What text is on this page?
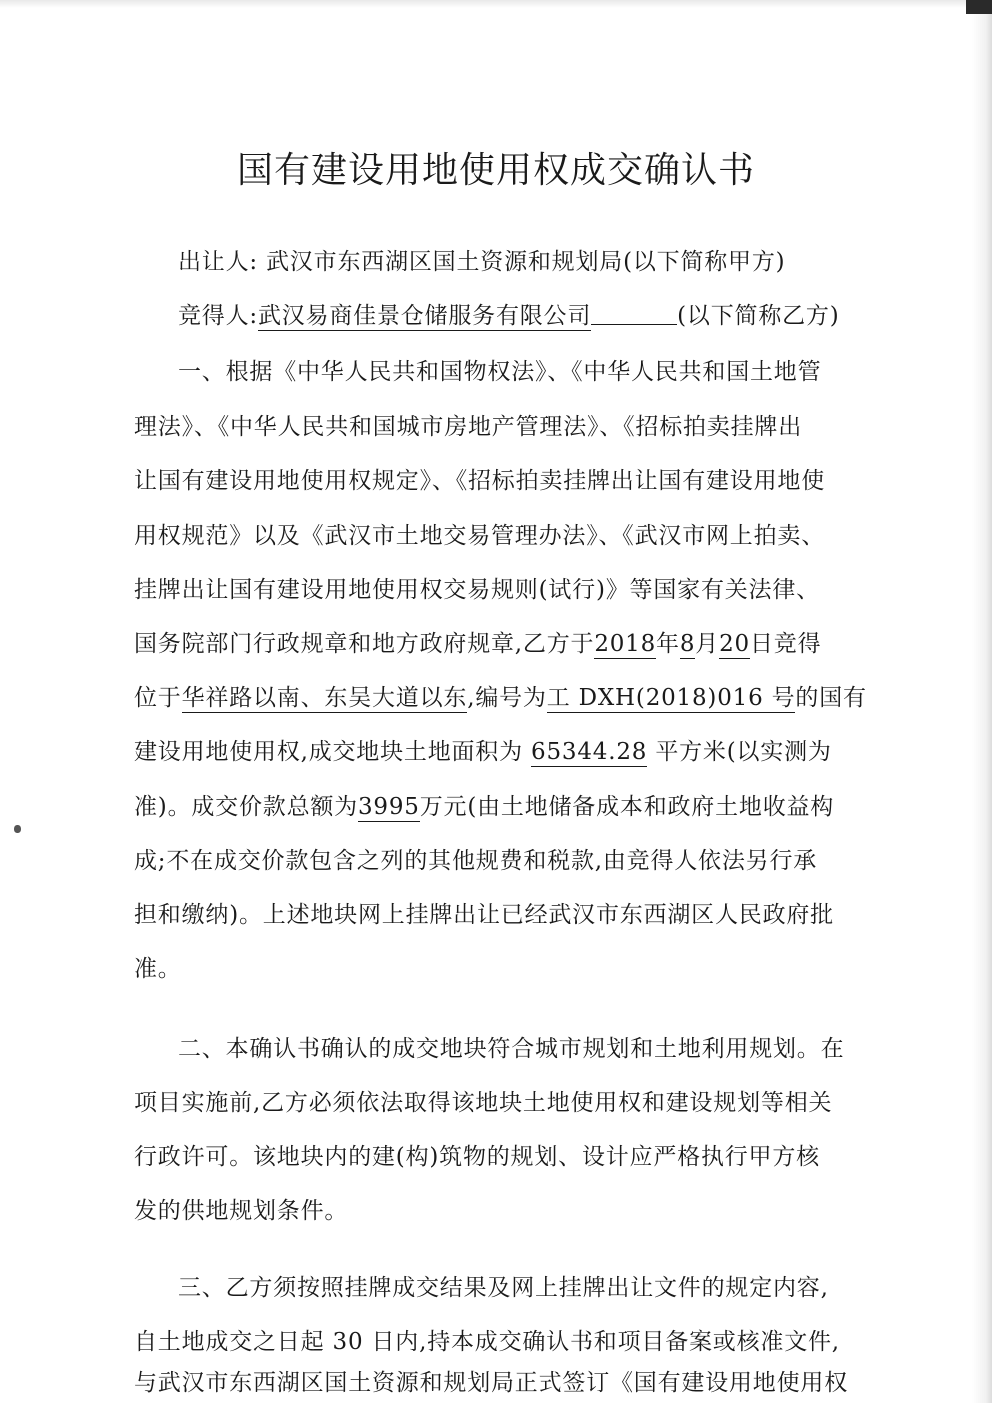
国有建设用地使用权成交确认书
出让人: 武汉市东西湖区国土资源和规划局(以下简称甲方)
竞得人:武汉易商佳景仓储服务有限公司	(以下简称乙方)
一、根据《中华人民共和国物权法》、《中华人民共和国土地管
理法》、《中华人民共和国城市房地产管理法》、《招标拍卖挂牌出
让国有建设用地使用权规定》、《招标拍卖挂牌出让国有建设用地使
用权规范》以及《武汉市土地交易管理办法》、《武汉市网上拍卖、
挂牌出让国有建设用地使用权交易规则(试行)》等国家有关法律、
国务院部门行政规章和地方政府规章,乙方于2018年8月20日竞得
位于华祥路以南、东吴大道以东,编号为工 DXH(2018)016 号的国有
建设用地使用权,成交地块土地面积为 65344.28 平方米(以实测为
准)。成交价款总额为3995万元(由土地储备成本和政府土地收益构
成;不在成交价款包含之列的其他规费和税款,由竞得人依法另行承
担和缴纳)。上述地块网上挂牌出让已经武汉市东西湖区人民政府批
准。
二、本确认书确认的成交地块符合城市规划和土地利用规划。在
项目实施前,乙方必须依法取得该地块土地使用权和建设规划等相关
行政许可。该地块内的建(构)筑物的规划、设计应严格执行甲方核
发的供地规划条件。
三、乙方须按照挂牌成交结果及网上挂牌出让文件的规定内容,
自土地成交之日起 30 日内,持本成交确认书和项目备案或核准文件,
与武汉市东西湖区国土资源和规划局正式签订《国有建设用地使用权
